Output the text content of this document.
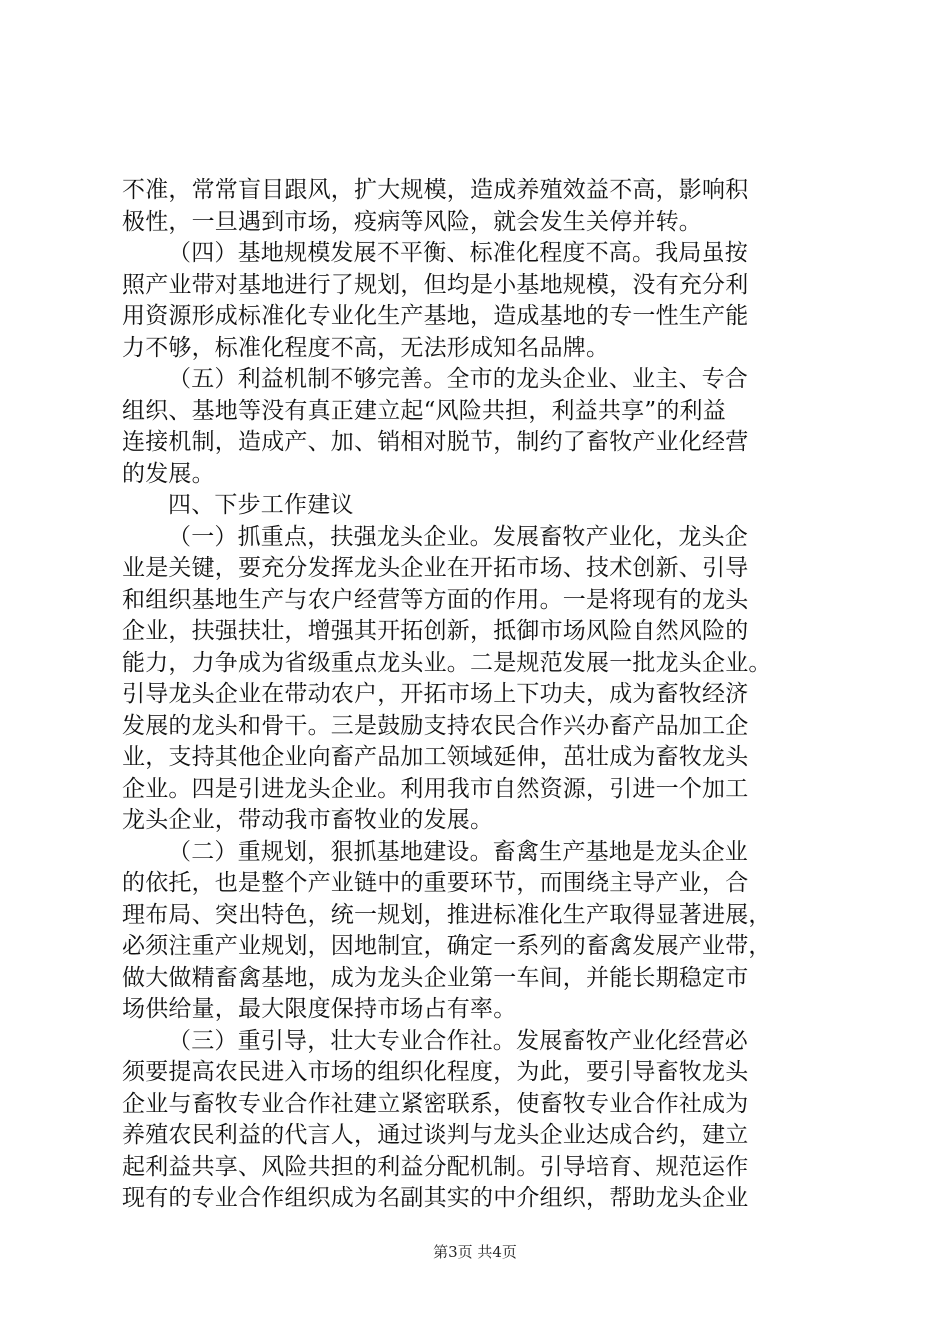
不准，常常盲目跟风，扩大规模，造成养殖效益不高，影响积
极性，一旦遇到市场，疫病等风险，就会发生关停并转。
（四）基地规模发展不平衡、标准化程度不高。我局虽按
照产业带对基地进行了规划，但均是小基地规模，没有充分利
用资源形成标准化专业化生产基地，造成基地的专一性生产能
力不够，标准化程度不高，无法形成知名品牌。
（五）利益机制不够完善。全市的龙头企业、业主、专合
组织、基地等没有真正建立起“风险共担，利益共享”的利益
连接机制，造成产、加、销相对脱节，制约了畜牧产业化经营
的发展。
四、下步工作建议
（一）抓重点，扶强龙头企业。发展畜牧产业化，龙头企
业是关键，要充分发挥龙头企业在开拓市场、技术创新、引导
和组织基地生产与农户经营等方面的作用。一是将现有的龙头
企业，扶强扶壮，增强其开拓创新，抵御市场风险自然风险的
能力，力争成为省级重点龙头业。二是规范发展一批龙头企业。
引导龙头企业在带动农户，开拓市场上下功夫，成为畜牧经济
发展的龙头和骨干。三是鼓励支持农民合作兴办畜产品加工企
业，支持其他企业向畜产品加工领域延伸，茁壮成为畜牧龙头
企业。四是引进龙头企业。利用我市自然资源，引进一个加工
龙头企业，带动我市畜牧业的发展。
（二）重规划，狠抓基地建设。畜禽生产基地是龙头企业
的依托，也是整个产业链中的重要环节，而围绕主导产业，合
理布局、突出特色，统一规划，推进标准化生产取得显著进展，
必须注重产业规划，因地制宜，确定一系列的畜禽发展产业带，
做大做精畜禽基地，成为龙头企业第一车间，并能长期稳定市
场供给量，最大限度保持市场占有率。
（三）重引导，壮大专业合作社。发展畜牧产业化经营必
须要提高农民进入市场的组织化程度，为此，要引导畜牧龙头
企业与畜牧专业合作社建立紧密联系，使畜牧专业合作社成为
养殖农民利益的代言人，通过谈判与龙头企业达成合约，建立
起利益共享、风险共担的利益分配机制。引导培育、规范运作
现有的专业合作组织成为名副其实的中介组织，帮助龙头企业
第3页 共4页
